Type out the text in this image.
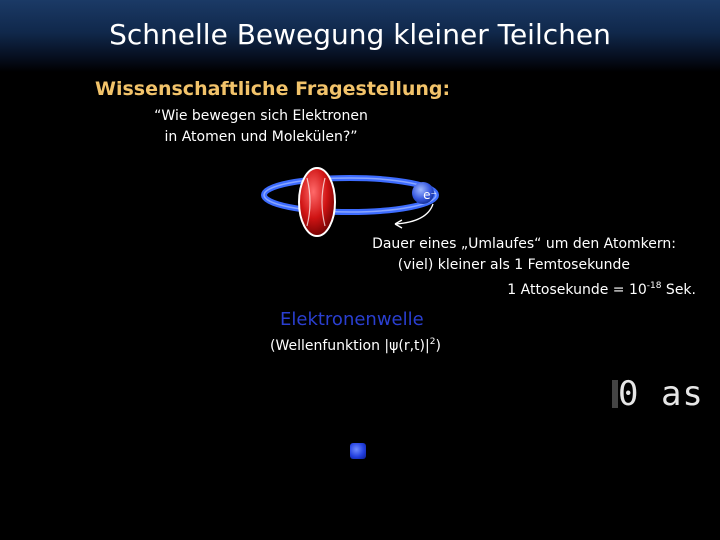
Schnelle Bewegung kleiner Teilchen
Wissenschaftliche Fragestellung:
“Wie bewegen sich Elektronen
in Atomen und Molekülen?”
e⁻
Dauer eines „Umlaufes“ um den Atomkern:
(viel) kleiner als 1 Femtosekunde
1 Attosekunde = $10^{-18}$ Sek.
Elektronenwelle
(Wellenfunktion $|\psi(r,t)|^2$)
0 as
